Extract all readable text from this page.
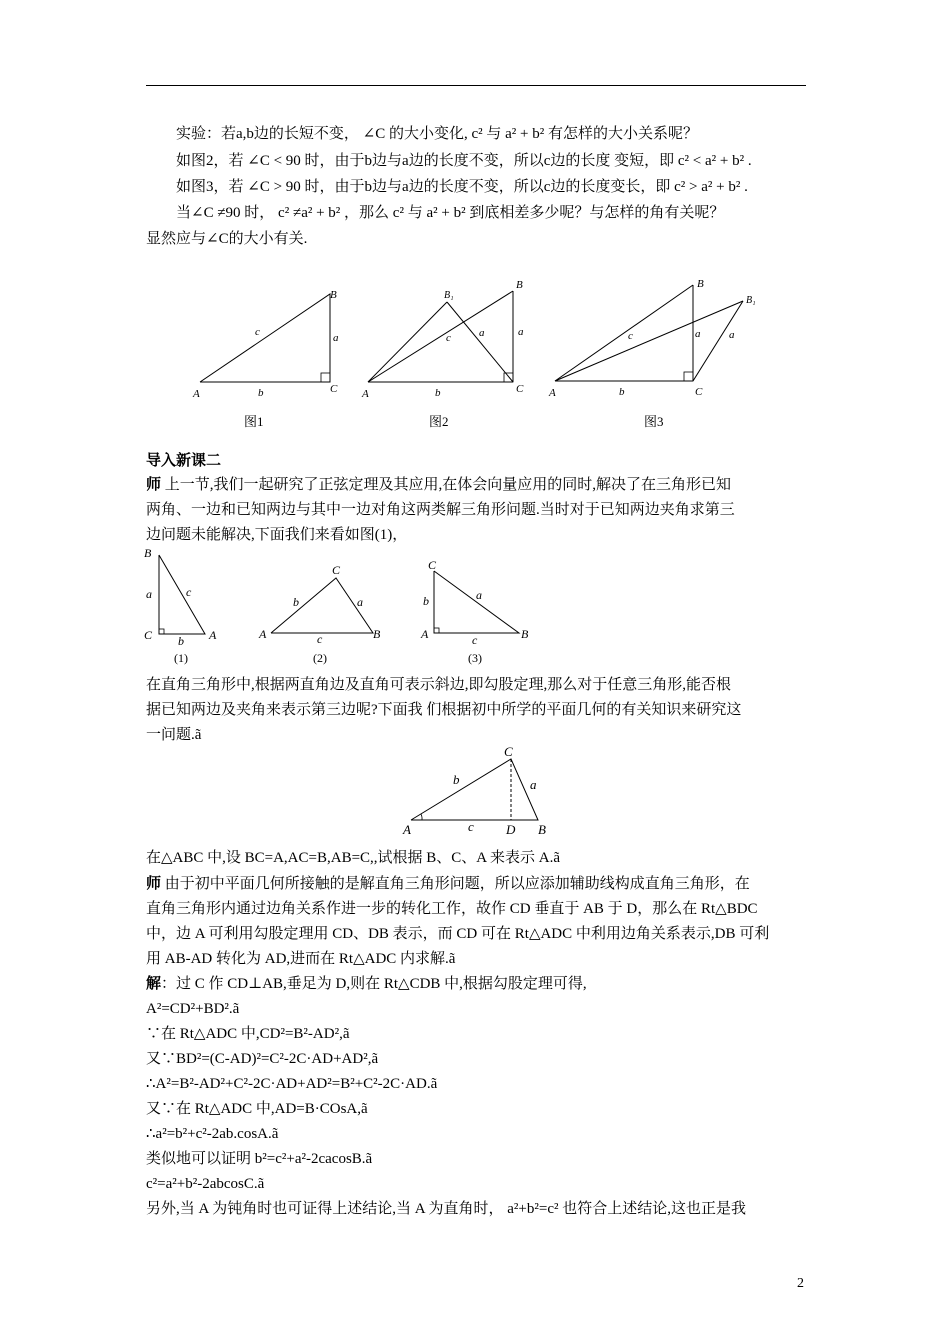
实验：若a,b边的长短不变， ∠C 的大小变化, c² 与 a² + b² 有怎样的大小关系呢？
如图2，若 ∠C < 90 时，由于b边与a边的长度不变，所以c边的长度 变短，即 c² < a² + b² .
如图3，若 ∠C > 90 时，由于b边与a边的长度不变，所以c边的长度变长，即 c² > a² + b² .
当∠C ≠90 时， c² ≠a² + b² ，那么 c² 与 a² + b² 到底相差多少呢？与怎样的角有关呢？
显然应与∠C的大小有关.
A
B
C
a
b
c
图1
A
B
B₁
C
a	a
b
c
图2
A
B
B₁
C
a	a
b
c
图3
导入新课二
师 上一节,我们一起研究了正弦定理及其应用,在体会向量应用的同时,解决了在三角形已知
两角、一边和已知两边与其中一边对角这两类解三角形问题.当时对于已知两边夹角求第三
边问题未能解决,下面我们来看如图(1)，
B
C	A
a	c
b
(1)
C
A	B
b	a
c
(2)
C
A	B
b	a
c
(3)
在直角三角形中,根据两直角边及直角可表示斜边,即勾股定理,那么对于任意三角形,能否根
据已知两边及夹角来表示第三边呢?下面我 们根据初中所学的平面几何的有关知识来研究这
一问题.ã
C
A	D B
b	a
c
在△ABC 中,设 BC=A,AC=B,AB=C,,试根据 B、C、A 来表示 A.ã
师 由于初中平面几何所接触的是解直角三角形问题，所以应添加辅助线构成直角三角形，在
直角三角形内通过边角关系作进一步的转化工作，故作 CD 垂直于 AB 于 D，那么在 Rt△BDC
中，边 A 可利用勾股定理用 CD、DB 表示，而 CD 可在 Rt△ADC 中利用边角关系表示,DB 可利
用 AB-AD 转化为 AD,进而在 Rt△ADC 内求解.ã
解：过 C 作 CD⊥AB,垂足为 D,则在 Rt△CDB 中,根据勾股定理可得,
A²=CD²+BD².ã
∵在 Rt△ADC 中,CD²=B²-AD²,ã
又∵BD²=(C-AD)²=C²-2C·AD+AD²,ã
∴A²=B²-AD²+C²-2C·AD+AD²=B²+C²-2C·AD.ã
又∵在 Rt△ADC 中,AD=B·COsA,ã
∴a²=b²+c²-2ab.cosA.ã
类似地可以证明 b²=c²+a²-2cacosB.ã
c²=a²+b²-2abcosC.ã
另外,当 A 为钝角时也可证得上述结论,当 A 为直角时， a²+b²=c² 也符合上述结论,这也正是我
2
